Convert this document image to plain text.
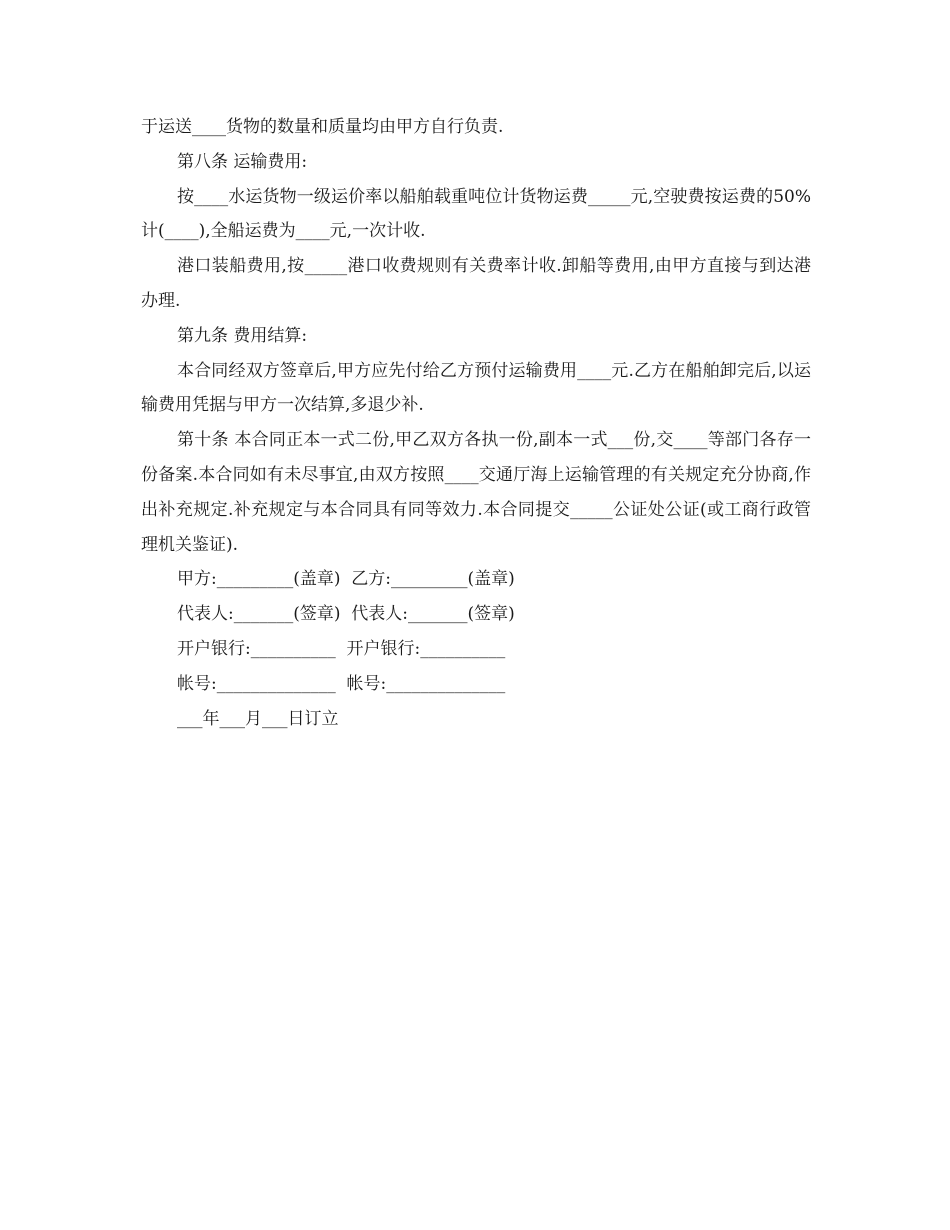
于运送____货物的数量和质量均由甲方自行负责.

第八条 运输费用:

按____水运货物一级运价率以船舶载重吨位计货物运费_____元,空驶费按运费的50%计(____),全船运费为____元,一次计收.

港口装船费用,按_____港口收费规则有关费率计收.卸船等费用,由甲方直接与到达港办理.

第九条 费用结算:

本合同经双方签章后,甲方应先付给乙方预付运输费用____元.乙方在船舶卸完后,以运输费用凭据与甲方一次结算,多退少补.

第十条 本合同正本一式二份,甲乙双方各执一份,副本一式___份,交____等部门各存一份备案.本合同如有未尽事宜,由双方按照____交通厅海上运输管理的有关规定充分协商,作出补充规定.补充规定与本合同具有同等效力.本合同提交_____公证处公证(或工商行政管理机关鉴证).

甲方:_________(盖章)  乙方:_________(盖章)

代表人:_______(签章)  代表人:_______(签章)

开户银行:__________  开户银行:__________

帐号:______________  帐号:______________

___年___月___日订立
